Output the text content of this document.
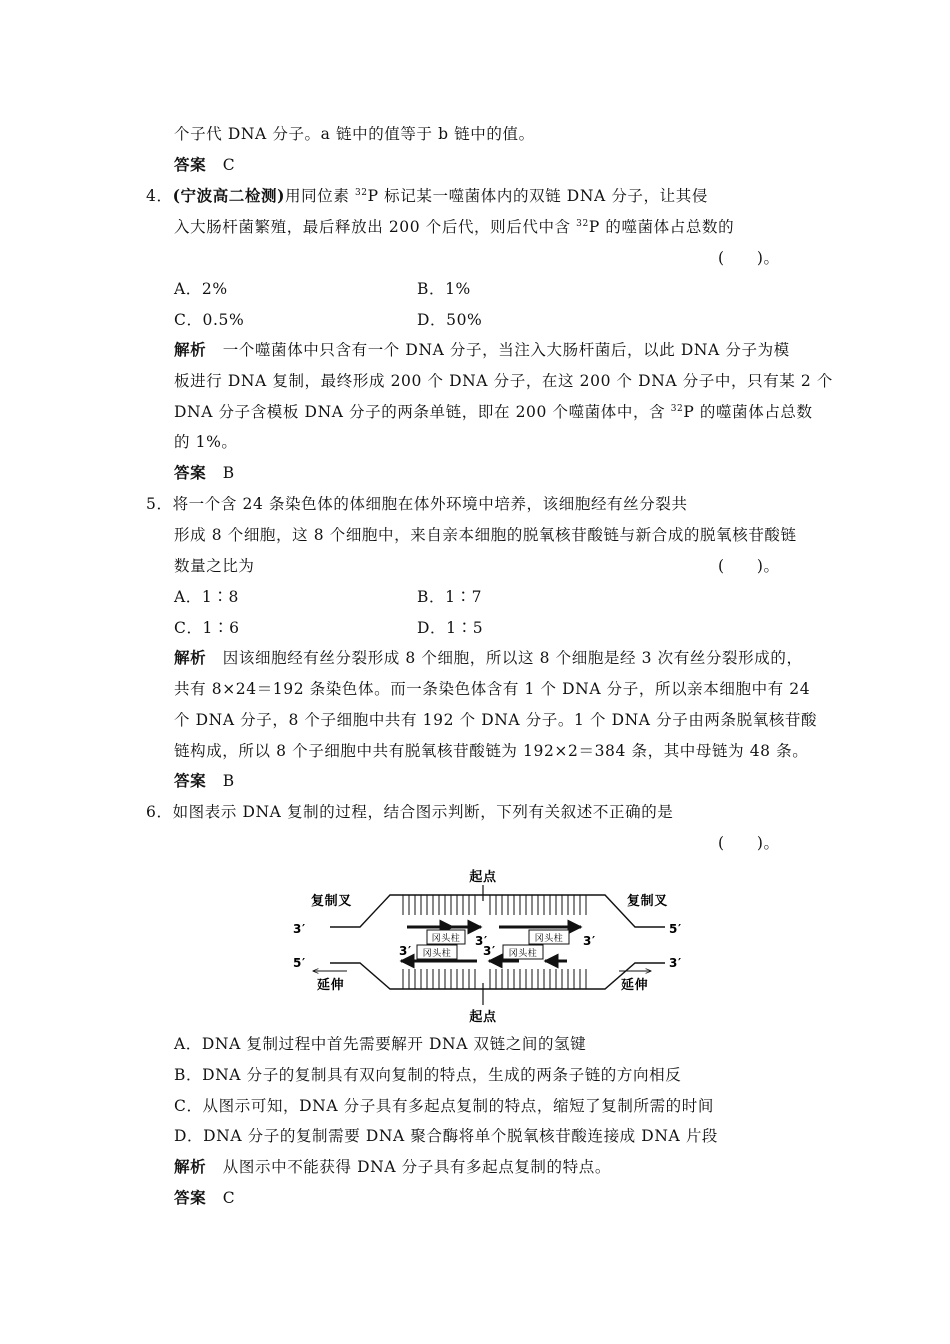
个子代 DNA 分子。a 链中的值等于 b 链中的值。
答案 C
4．(宁波高二检测)用同位素 $^{32}$P 标记某一噬菌体内的双链 DNA 分子，让其侵
入大肠杆菌繁殖，最后释放出 200 个后代，则后代中含 $^{32}$P 的噬菌体占总数的
(　　)。
A．2%	B．1%
C．0.5%	D．50%
解析 一个噬菌体中只含有一个 DNA 分子，当注入大肠杆菌后，以此 DNA 分子为模
板进行 DNA 复制，最终形成 200 个 DNA 分子，在这 200 个 DNA 分子中，只有某 2 个
DNA 分子含模板 DNA 分子的两条单链，即在 200 个噬菌体中，含 $^{32}$P 的噬菌体占总数
的 1%。
答案 B
5．将一个含 24 条染色体的体细胞在体外环境中培养，该细胞经有丝分裂共
形成 8 个细胞，这 8 个细胞中，来自亲本细胞的脱氧核苷酸链与新合成的脱氧核苷酸链
数量之比为	(　　)。
A．1∶8	B．1∶7
C．1∶6	D．1∶5
解析 因该细胞经有丝分裂形成 8 个细胞，所以这 8 个细胞是经 3 次有丝分裂形成的，
共有 8×24＝192 条染色体。而一条染色体含有 1 个 DNA 分子，所以亲本细胞中有 24
个 DNA 分子，8 个子细胞中共有 192 个 DNA 分子。1 个 DNA 分子由两条脱氧核苷酸
链构成，所以 8 个子细胞中共有脱氧核苷酸链为 192×2＝384 条，其中母链为 48 条。
答案 B
6．如图表示 DNA 复制的过程，结合图示判断，下列有关叙述不正确的是
(　　)。
冈头柱	冈头柱
冈头柱	冈头柱
起点
起点
复制叉	复制叉
延伸	延伸
3′	5′
5′	3′
3′	3′
3′	3′
A．DNA 复制过程中首先需要解开 DNA 双链之间的氢键
B．DNA 分子的复制具有双向复制的特点，生成的两条子链的方向相反
C．从图示可知，DNA 分子具有多起点复制的特点，缩短了复制所需的时间
D．DNA 分子的复制需要 DNA 聚合酶将单个脱氧核苷酸连接成 DNA 片段
解析 从图示中不能获得 DNA 分子具有多起点复制的特点。
答案 C
